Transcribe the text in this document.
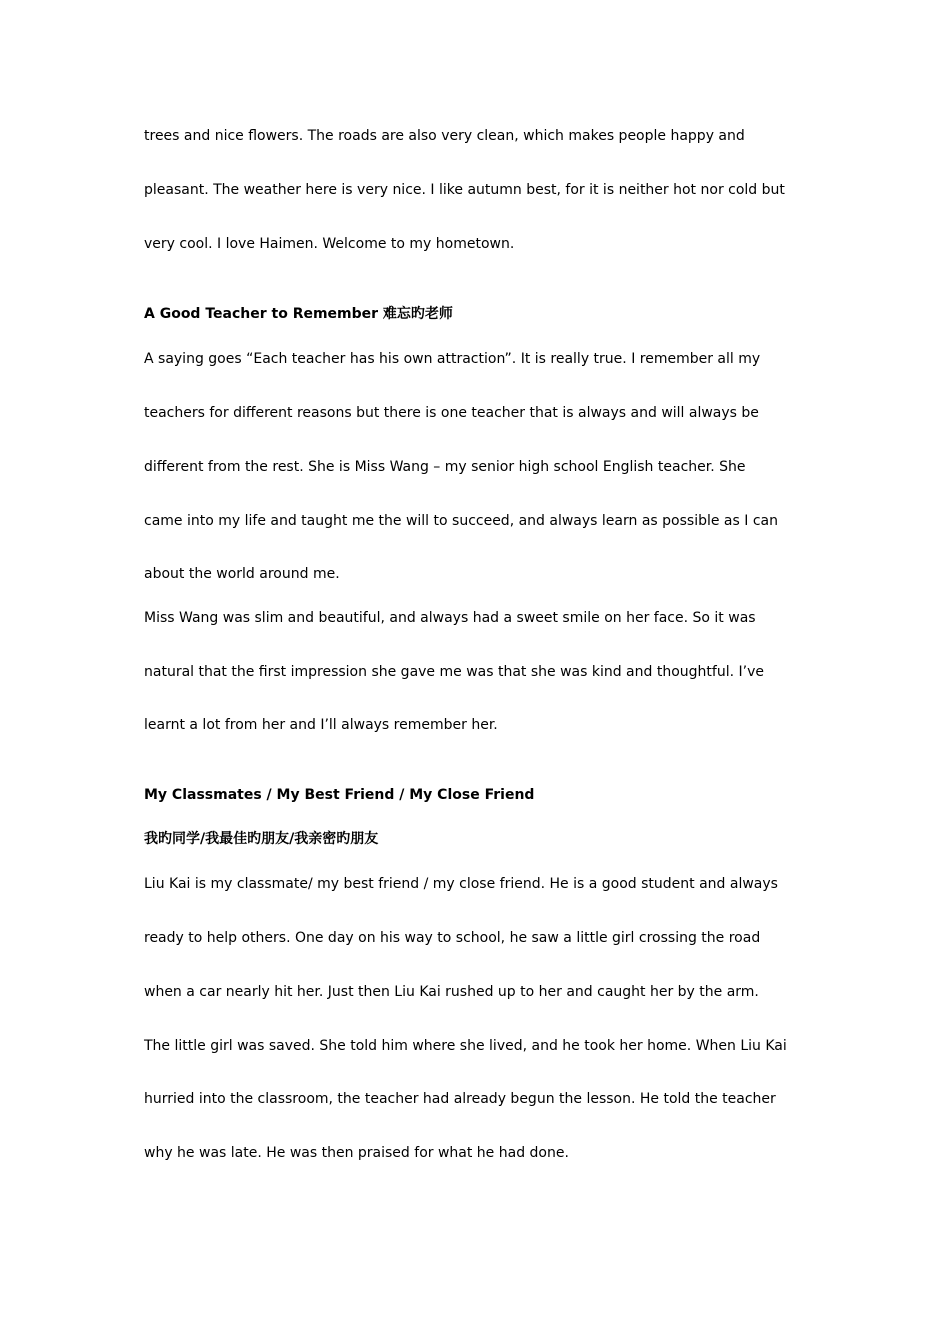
trees and nice flowers. The roads are also very clean, which makes people happy and
pleasant. The weather here is very nice. I like autumn best, for it is neither hot nor cold but
very cool. I love Haimen. Welcome to my hometown.
A Good Teacher to Remember 难忘旳老师
A saying goes “Each teacher has his own attraction”. It is really true. I remember all my
teachers for different reasons but there is one teacher that is always and will always be
different from the rest. She is Miss Wang – my senior high school English teacher. She
came into my life and taught me the will to succeed, and always learn as possible as I can
about the world around me.
Miss Wang was slim and beautiful, and always had a sweet smile on her face. So it was
natural that the first impression she gave me was that she was kind and thoughtful. I’ve
learnt a lot from her and I’ll always remember her.
My Classmates / My Best Friend / My Close Friend
我旳同学/我最佳旳朋友/我亲密旳朋友
Liu Kai is my classmate/ my best friend / my close friend. He is a good student and always
ready to help others. One day on his way to school, he saw a little girl crossing the road
when a car nearly hit her. Just then Liu Kai rushed up to her and caught her by the arm.
The little girl was saved. She told him where she lived, and he took her home. When Liu Kai
hurried into the classroom, the teacher had already begun the lesson. He told the teacher
why he was late. He was then praised for what he had done.
